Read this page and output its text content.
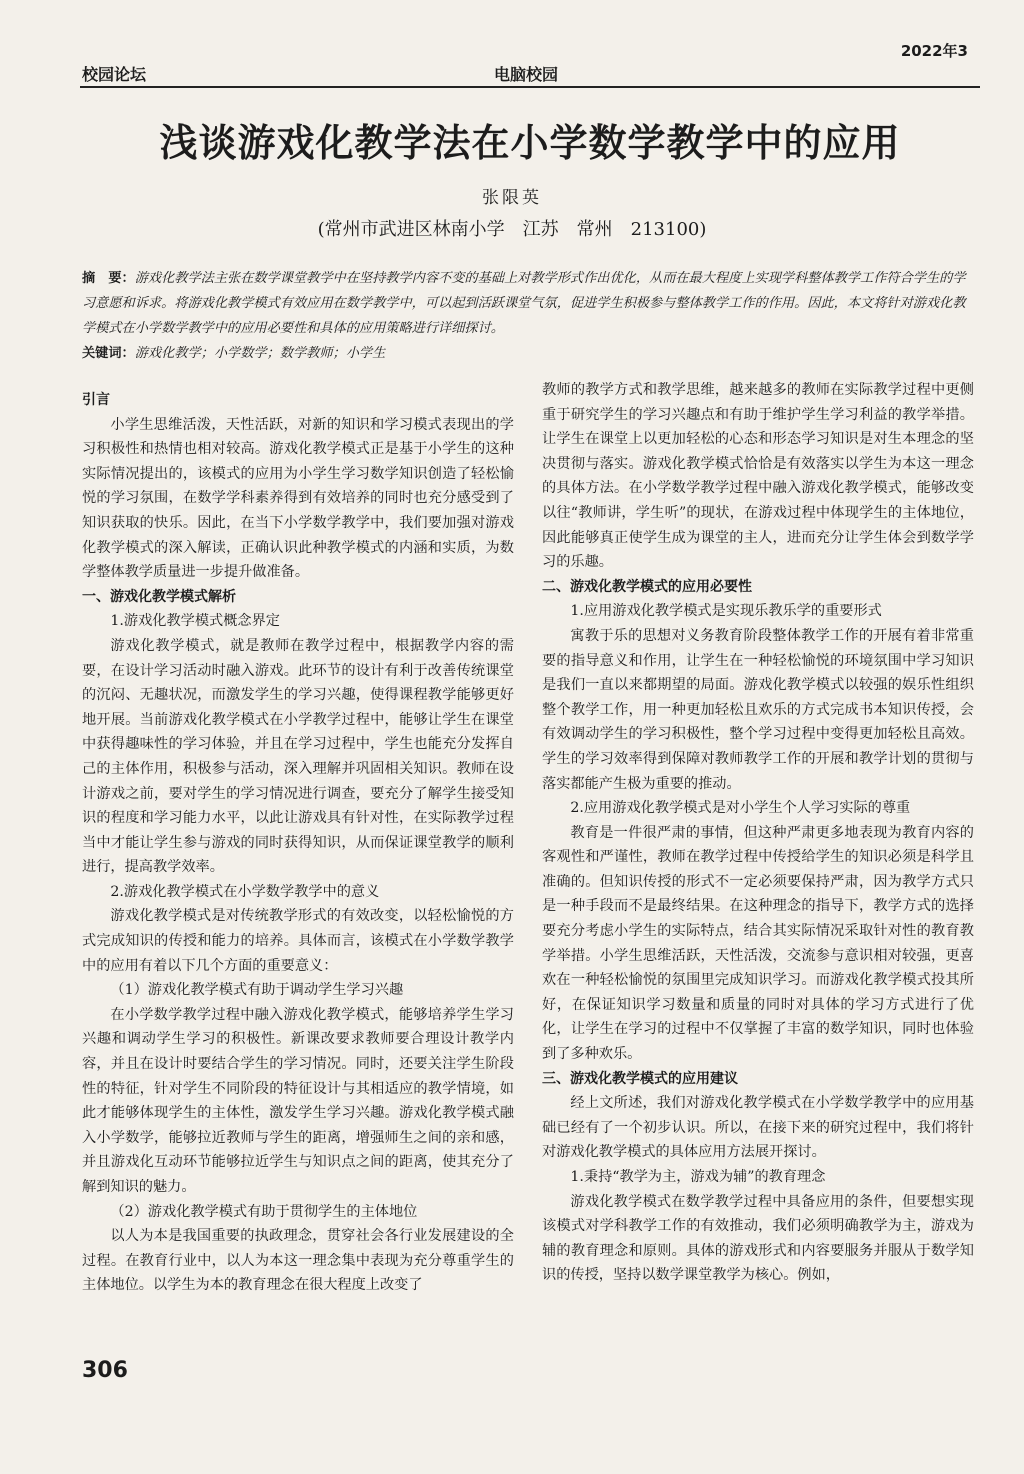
2022年3
校园论坛	电脑校园
浅谈游戏化教学法在小学数学教学中的应用
张限英
(常州市武进区林南小学　江苏　常州　213100)
摘　要：游戏化教学法主张在数学课堂教学中在坚持教学内容不变的基础上对教学形式作出优化，从而在最大程度上实现学科整体教学工作符合学生的学习意愿和诉求。将游戏化教学模式有效应用在数学教学中，可以起到活跃课堂气氛，促进学生积极参与整体教学工作的作用。因此，本文将针对游戏化教学模式在小学数学教学中的应用必要性和具体的应用策略进行详细探讨。
关键词：游戏化教学；小学数学；数学教师；小学生

引言

小学生思维活泼，天性活跃，对新的知识和学习模式表现出的学习积极性和热情也相对较高。游戏化教学模式正是基于小学生的这种实际情况提出的，该模式的应用为小学生学习数学知识创造了轻松愉悦的学习氛围，在数学学科素养得到有效培养的同时也充分感受到了知识获取的快乐。因此，在当下小学数学教学中，我们要加强对游戏化教学模式的深入解读，正确认识此种教学模式的内涵和实质，为数学整体教学质量进一步提升做准备。

一、游戏化教学模式解析

1.游戏化教学模式概念界定

游戏化教学模式，就是教师在教学过程中，根据教学内容的需要，在设计学习活动时融入游戏。此环节的设计有利于改善传统课堂的沉闷、无趣状况，而激发学生的学习兴趣，使得课程教学能够更好地开展。当前游戏化教学模式在小学教学过程中，能够让学生在课堂中获得趣味性的学习体验，并且在学习过程中，学生也能充分发挥自己的主体作用，积极参与活动，深入理解并巩固相关知识。教师在设计游戏之前，要对学生的学习情况进行调查，要充分了解学生接受知识的程度和学习能力水平，以此让游戏具有针对性，在实际教学过程当中才能让学生参与游戏的同时获得知识，从而保证课堂教学的顺利进行，提高教学效率。

2.游戏化教学模式在小学数学教学中的意义

游戏化教学模式是对传统教学形式的有效改变，以轻松愉悦的方式完成知识的传授和能力的培养。具体而言，该模式在小学数学教学中的应用有着以下几个方面的重要意义：

（1）游戏化教学模式有助于调动学生学习兴趣

在小学数学教学过程中融入游戏化教学模式，能够培养学生学习兴趣和调动学生学习的积极性。新课改要求教师要合理设计教学内容，并且在设计时要结合学生的学习情况。同时，还要关注学生阶段性的特征，针对学生不同阶段的特征设计与其相适应的教学情境，如此才能够体现学生的主体性，激发学生学习兴趣。游戏化教学模式融入小学数学，能够拉近教师与学生的距离，增强师生之间的亲和感，并且游戏化互动环节能够拉近学生与知识点之间的距离，使其充分了解到知识的魅力。

（2）游戏化教学模式有助于贯彻学生的主体地位

以人为本是我国重要的执政理念，贯穿社会各行业发展建设的全过程。在教育行业中，以人为本这一理念集中表现为充分尊重学生的主体地位。以学生为本的教育理念在很大程度上改变了

教师的教学方式和教学思维，越来越多的教师在实际教学过程中更侧重于研究学生的学习兴趣点和有助于维护学生学习利益的教学举措。让学生在课堂上以更加轻松的心态和形态学习知识是对生本理念的坚决贯彻与落实。游戏化教学模式恰恰是有效落实以学生为本这一理念的具体方法。在小学数学教学过程中融入游戏化教学模式，能够改变以往“教师讲，学生听”的现状，在游戏过程中体现学生的主体地位，因此能够真正使学生成为课堂的主人，进而充分让学生体会到数学学习的乐趣。

二、游戏化教学模式的应用必要性

1.应用游戏化教学模式是实现乐教乐学的重要形式

寓教于乐的思想对义务教育阶段整体教学工作的开展有着非常重要的指导意义和作用，让学生在一种轻松愉悦的环境氛围中学习知识是我们一直以来都期望的局面。游戏化教学模式以较强的娱乐性组织整个教学工作，用一种更加轻松且欢乐的方式完成书本知识传授，会有效调动学生的学习积极性，整个学习过程中变得更加轻松且高效。学生的学习效率得到保障对教师教学工作的开展和教学计划的贯彻与落实都能产生极为重要的推动。

2.应用游戏化教学模式是对小学生个人学习实际的尊重

教育是一件很严肃的事情，但这种严肃更多地表现为教育内容的客观性和严谨性，教师在教学过程中传授给学生的知识必须是科学且准确的。但知识传授的形式不一定必须要保持严肃，因为教学方式只是一种手段而不是最终结果。在这种理念的指导下，教学方式的选择要充分考虑小学生的实际特点，结合其实际情况采取针对性的教育教学举措。小学生思维活跃，天性活泼，交流参与意识相对较强，更喜欢在一种轻松愉悦的氛围里完成知识学习。而游戏化教学模式投其所好，在保证知识学习数量和质量的同时对具体的学习方式进行了优化，让学生在学习的过程中不仅掌握了丰富的数学知识，同时也体验到了多种欢乐。

三、游戏化教学模式的应用建议

经上文所述，我们对游戏化教学模式在小学数学教学中的应用基础已经有了一个初步认识。所以，在接下来的研究过程中，我们将针对游戏化教学模式的具体应用方法展开探讨。

1.秉持“教学为主，游戏为辅”的教育理念

游戏化教学模式在数学教学过程中具备应用的条件，但要想实现该模式对学科教学工作的有效推动，我们必须明确教学为主，游戏为辅的教育理念和原则。具体的游戏形式和内容要服务并服从于数学知识的传授，坚持以数学课堂教学为核心。例如，

306
